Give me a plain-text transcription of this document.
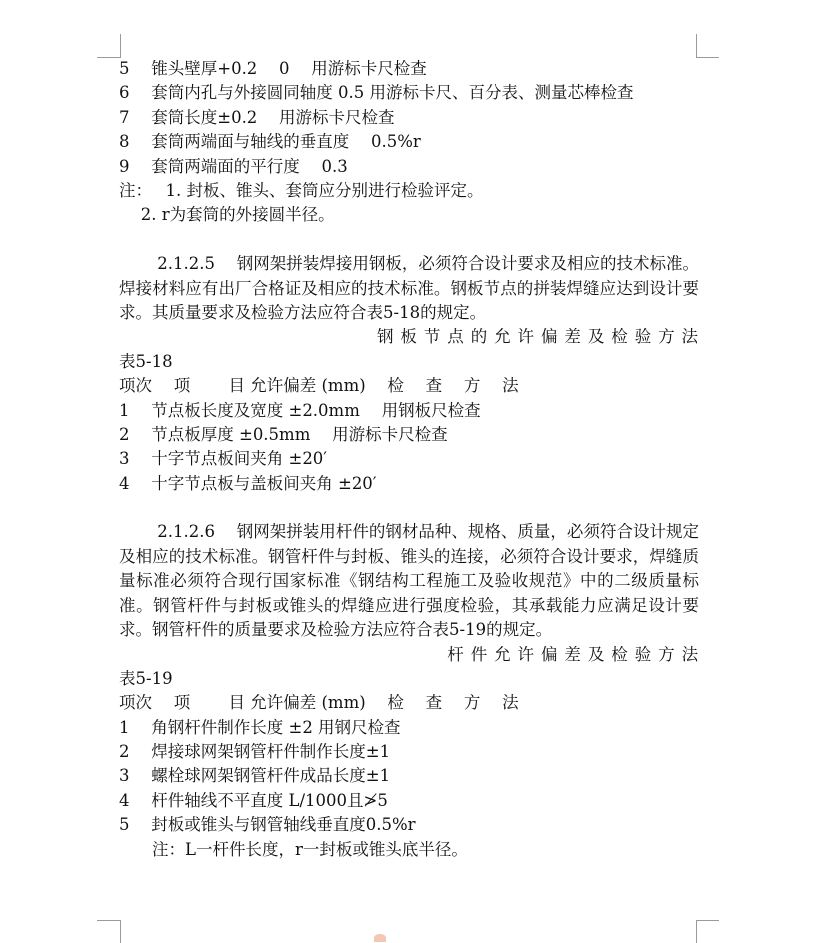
5　 锥头壁厚+0.2　 0　 用游标卡尺检查
6　 套筒内孔与外接圆同轴度 0.5 用游标卡尺、百分表、测量芯棒检查
7　 套筒长度±0.2　 用游标卡尺检查
8　 套筒两端面与轴线的垂直度　 0.5%r
9　 套筒两端面的平行度　 0.3
注：　 1. 封板、锥头、套筒应分别进行检验评定。
　 2. r为套筒的外接圆半径。
　　 2.1.2.5　 钢网架拼装焊接用钢板，必须符合设计要求及相应的技术标准。焊接材料应有出厂合格证及相应的技术标准。钢板节点的拼装焊缝应达到设计要求。其质量要求及检验方法应符合表5-18的规定。
钢板节点的允许偏差及检验方法
表5-18
项次　 项　　 目 允许偏差 (mm)　 检　 查　 方　 法
1　 节点板长度及宽度 ±2.0mm　 用钢板尺检查
2　 节点板厚度 ±0.5mm　 用游标卡尺检查
3　 十字节点板间夹角 ±20′
4　 十字节点板与盖板间夹角 ±20′
　　 2.1.2.6　 钢网架拼装用杆件的钢材品种、规格、质量，必须符合设计规定及相应的技术标准。钢管杆件与封板、锥头的连接，必须符合设计要求，焊缝质量标准必须符合现行国家标准《钢结构工程施工及验收规范》中的二级质量标准。钢管杆件与封板或锥头的焊缝应进行强度检验，其承载能力应满足设计要求。钢管杆件的质量要求及检验方法应符合表5-19的规定。
杆件允许偏差及检验方法
表5-19
项次　 项　　 目 允许偏差 (mm)　 检　 查　 方　 法
1　 角钢杆件制作长度 ±2 用钢尺检查
2　 焊接球网架钢管杆件制作长度±1
3　 螺栓球网架钢管杆件成品长度±1
4　 杆件轴线不平直度 L/1000且≯5
5　 封板或锥头与钢管轴线垂直度0.5%r
　　注：L一杆件长度，r一封板或锥头底半径。
